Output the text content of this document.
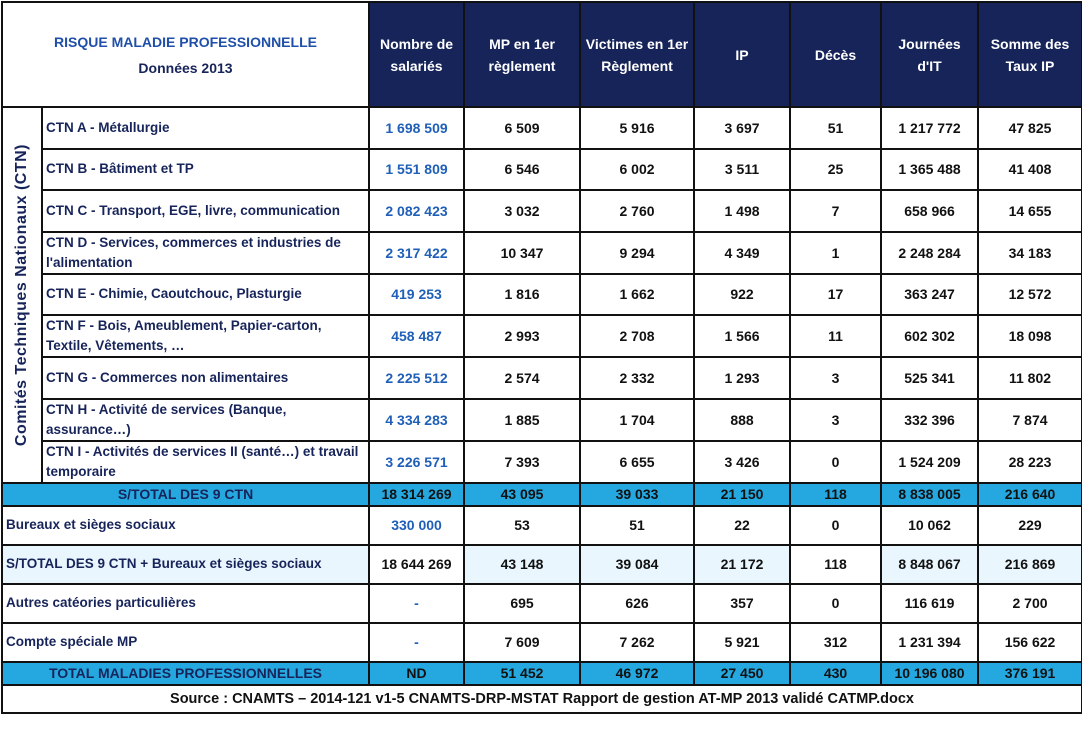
RISQUE MALADIE PROFESSIONNELLE
Données 2013		Nombre de salariés	MP en 1er règlement	Victimes en 1er Règlement	IP	Décès	Journées d'IT	Somme des Taux IP

Comités Techniques Nationaux (CTN)	CTN A - Métallurgie	1 698 509	6 509	5 916	3 697	51	1 217 772	47 825
	CTN B - Bâtiment et TP	1 551 809	6 546	6 002	3 511	25	1 365 488	41 408
	CTN C - Transport, EGE, livre, communication	2 082 423	3 032	2 760	1 498	7	658 966	14 655
	CTN D - Services, commerces et industries de l'alimentation	2 317 422	10 347	9 294	4 349	1	2 248 284	34 183
	CTN E - Chimie, Caoutchouc, Plasturgie	419 253	1 816	1 662	922	17	363 247	12 572
	CTN F - Bois, Ameublement, Papier-carton, Textile, Vêtements, …	458 487	2 993	2 708	1 566	11	602 302	18 098
	CTN G - Commerces non alimentaires	2 225 512	2 574	2 332	1 293	3	525 341	11 802
	CTN H - Activité de services (Banque, assurance…)	4 334 283	1 885	1 704	888	3	332 396	7 874
	CTN I - Activités de services II (santé…) et travail temporaire	3 226 571	7 393	6 655	3 426	0	1 524 209	28 223
S/TOTAL DES 9 CTN		18 314 269	43 095	39 033	21 150	118	8 838 005	216 640
Bureaux et sièges sociaux		330 000	53	51	22	0	10 062	229
S/TOTAL DES 9 CTN + Bureaux et sièges sociaux		18 644 269	43 148	39 084	21 172	118	8 848 067	216 869
Autres catéories particulières		-	695	626	357	0	116 619	2 700
Compte spéciale MP		-	7 609	7 262	5 921	312	1 231 394	156 622
TOTAL MALADIES PROFESSIONNELLES		ND	51 452	46 972	27 450	430	10 196 080	376 191
Source : CNAMTS – 2014-121 v1-5 CNAMTS-DRP-MSTAT Rapport de gestion AT-MP 2013 validé CATMP.docx								
